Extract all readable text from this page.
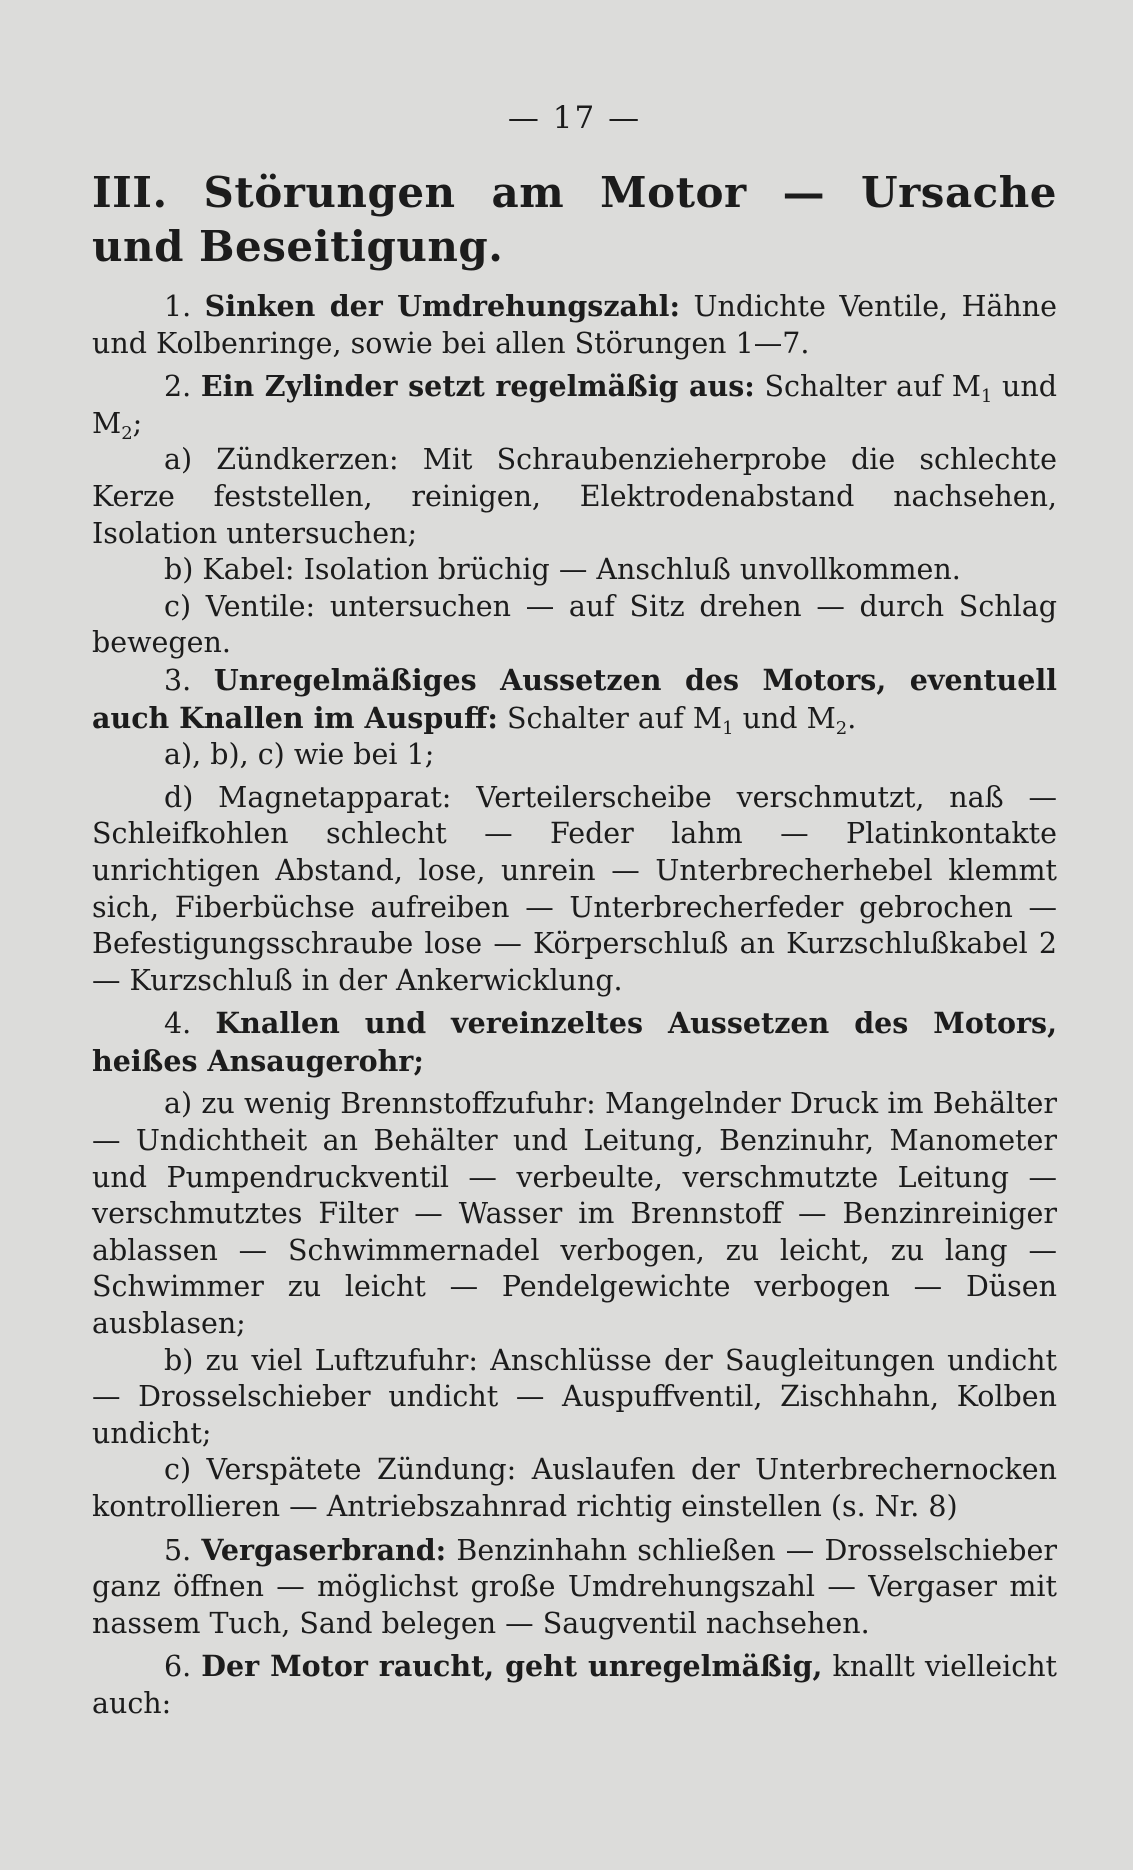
— 17 —
III. Störungen am Motor — Ursache und Beseitigung.

1. Sinken der Umdrehungszahl: Undichte Ventile, Hähne und Kolbenringe, sowie bei allen Störungen 1—7.

2. Ein Zylinder setzt regelmäßig aus: Schalter auf $M_1$ und $M_2$;

a) Zündkerzen: Mit Schraubenzieherprobe die schlechte Kerze feststellen, reinigen, Elektrodenabstand nachsehen, Isolation untersuchen;

b) Kabel: Isolation brüchig — Anschluß unvollkommen.

c) Ventile: untersuchen — auf Sitz drehen — durch Schlag bewegen.

3. Unregelmäßiges Aussetzen des Motors, eventuell auch Knallen im Auspuff: Schalter auf $M_1$ und $M_2$.

a), b), c) wie bei 1;

d) Magnetapparat: Verteilerscheibe verschmutzt, naß — Schleifkohlen schlecht — Feder lahm — Platinkontakte unrichtigen Abstand, lose, unrein — Unterbrecherhebel klemmt sich, Fiberbüchse aufreiben — Unterbrecherfeder gebrochen — Befestigungsschraube lose — Körperschluß an Kurzschlußkabel 2 — Kurzschluß in der Ankerwicklung.

4. Knallen und vereinzeltes Aussetzen des Motors, heißes Ansaugerohr;

a) zu wenig Brennstoffzufuhr: Mangelnder Druck im Behälter — Undichtheit an Behälter und Leitung, Benzinuhr, Manometer und Pumpendruckventil — verbeulte, verschmutzte Leitung — verschmutztes Filter — Wasser im Brennstoff — Benzinreiniger ablassen — Schwimmernadel verbogen, zu leicht, zu lang — Schwimmer zu leicht — Pendelgewichte verbogen — Düsen ausblasen;

b) zu viel Luftzufuhr: Anschlüsse der Saugleitungen undicht — Drosselschieber undicht — Auspuffventil, Zischhahn, Kolben undicht;

c) Verspätete Zündung: Auslaufen der Unterbrechernocken kontrollieren — Antriebszahnrad richtig einstellen (s. Nr. 8)

5. Vergaserbrand: Benzinhahn schließen — Drosselschieber ganz öffnen — möglichst große Umdrehungszahl — Vergaser mit nassem Tuch, Sand belegen — Saugventil nachsehen.

6. Der Motor raucht, geht unregelmäßig, knallt vielleicht auch:
